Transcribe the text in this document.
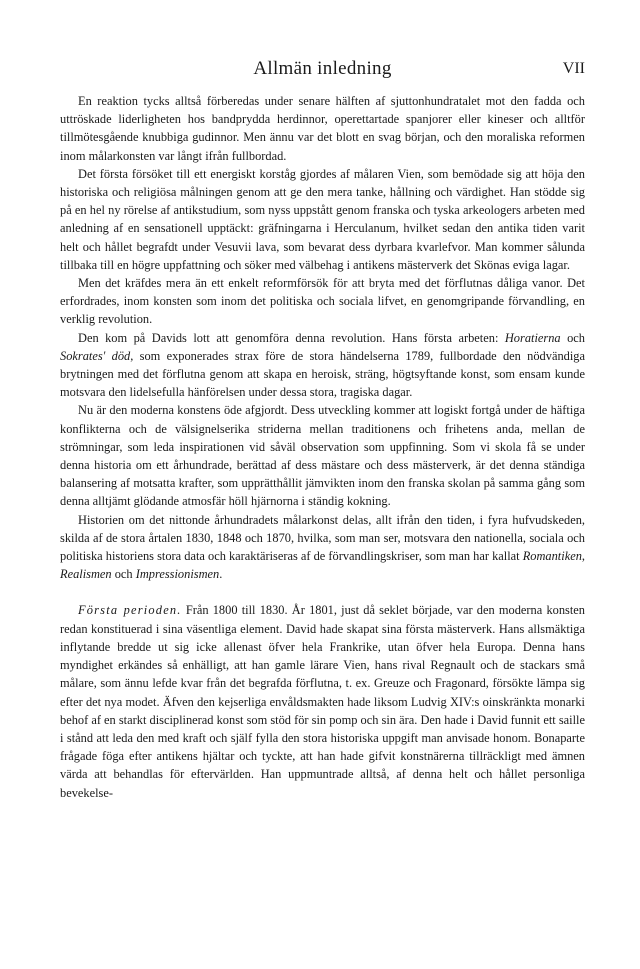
Allmän inledning	VII

En reaktion tycks alltså förberedas under senare hälften af sjuttonhundratalet mot den fadda och uttröskade liderligheten hos bandprydda herdinnor, operettartade spanjorer eller kineser och alltför tillmötesgående knubbiga gudinnor. Men ännu var det blott en svag början, och den moraliska reformen inom målarkonsten var långt ifrån fullbordad.

Det första försöket till ett energiskt korståg gjordes af målaren Vien, som bemödade sig att höja den historiska och religiösa målningen genom att ge den mera tanke, hållning och värdighet. Han stödde sig på en hel ny rörelse af antikstudium, som nyss uppstått genom franska och tyska arkeologers arbeten med anledning af en sensationell upptäckt: gräfningarna i Herculanum, hvilket sedan den antika tiden varit helt och hållet begrafdt under Vesuvii lava, som bevarat dess dyrbara kvarlefvor. Man kommer sålunda tillbaka till en högre uppfattning och söker med välbehag i antikens mästerverk det Skönas eviga lagar.

Men det kräfdes mera än ett enkelt reformförsök för att bryta med det förflutnas dåliga vanor. Det erfordrades, inom konsten som inom det politiska och sociala lifvet, en genomgripande förvandling, en verklig revolution.

Den kom på Davids lott att genomföra denna revolution. Hans första arbeten: Horatierna och Sokrates' död, som exponerades strax före de stora händelserna 1789, fullbordade den nödvändiga brytningen med det förflutna genom att skapa en heroisk, sträng, högtsyftande konst, som ensam kunde motsvara den lidelsefulla hänförelsen under dessa stora, tragiska dagar.

Nu är den moderna konstens öde afgjordt. Dess utveckling kommer att logiskt fortgå under de häftiga konflikterna och de välsignelserika striderna mellan traditionens och frihetens anda, mellan de strömningar, som leda inspirationen vid såväl observation som uppfinning. Som vi skola få se under denna historia om ett århundrade, berättad af dess mästare och dess mästerverk, är det denna ständiga balansering af motsatta krafter, som upprätthållit jämvikten inom den franska skolan på samma gång som denna alltjämt glödande atmosfär höll hjärnorna i ständig kokning.

Historien om det nittonde århundradets målarkonst delas, allt ifrån den tiden, i fyra hufvudskeden, skilda af de stora årtalen 1830, 1848 och 1870, hvilka, som man ser, motsvara den nationella, sociala och politiska historiens stora data och karaktäriseras af de förvandlingskriser, som man har kallat Romantiken, Realismen och Impressionismen.

Första perioden. Från 1800 till 1830. År 1801, just då seklet började, var den moderna konsten redan konstituerad i sina väsentliga element. David hade skapat sina första mästerverk. Hans allsmäktiga inflytande bredde ut sig icke allenast öfver hela Frankrike, utan öfver hela Europa. Denna hans myndighet erkändes så enhälligt, att han gamle lärare Vien, hans rival Regnault och de stackars små målare, som ännu lefde kvar från det begrafda förflutna, t. ex. Greuze och Fragonard, försökte lämpa sig efter det nya modet. Äfven den kejserliga envåldsmakten hade liksom Ludvig XIV:s oinskränkta monarki behof af en starkt disciplinerad konst som stöd för sin pomp och sin ära. Den hade i David funnit ett saille i stånd att leda den med kraft och själf fylla den stora historiska uppgift man anvisade honom. Bonaparte frågade föga efter antikens hjältar och tyckte, att han hade gifvit konstnärerna tillräckligt med ämnen värda att behandlas för eftervärlden. Han uppmuntrade alltså, af denna helt och hållet personliga bevekelse-
